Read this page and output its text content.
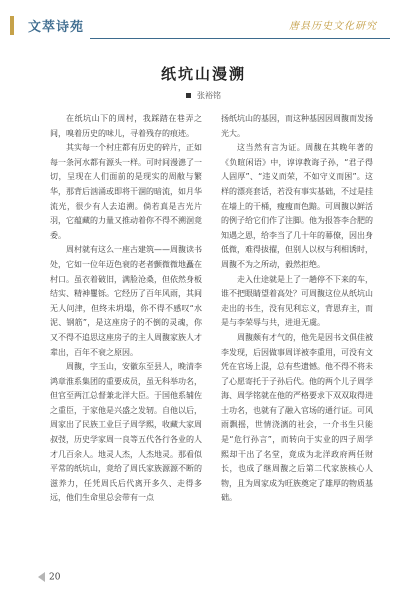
文萃诗苑	唐县历史文化研究
纸坑山漫溯
张裕铭

在纸坑山下的周村，我踩踏在巷弄之间，嗅着历史的味儿，寻着残存的痕迹。

其实每一个村庄都有历史的碎片，正如每一条河水都有源头一样。可时间漫漶了一切，呈现在人们面前的是现实的周敝与繁华，那背后汹涌或即将干涸的暗流，如月华流光，很少有人去追溯。倘若真是吉光片羽，它蕴藏的力量又推动着你不得不溯洄竟委。

周村就有这么一座古建筑——周馥读书处，它如一位年迈色衰的老者颤微微地矗在村口。虽衣着破旧，满脸沧桑，但依然身板结实、精神矍铄。它经历了百年风雨，其间无人问津，但终未坍塌，你不得不感叹“水泥、钢筋”，是这座房子的不倒的灵魂，你又不得不追思这座房子的主人周馥家族人才辈出，百年不衰之原因。

周馥，字玉山，安徽东至县人，晚清李鸿章淮系集团的重要成员，虽无科举功名，但官至两江总督兼北洋大臣。于国他系辅佐之重臣，于家他是兴盛之发轫。自他以后，周家出了民族工业巨子周学熙，收藏大家周叔弢，历史学家周一良等五代各行各业的人才几百余人。地灵人杰，人杰地灵。那看似平常的纸坑山，竟给了周氏家族源源不断的滋养力，任凭周氏后代离开多久、走得多远，他们生命里总会带有一点

扬纸坑山的基因，而这种基因因周馥而发扬光大。

这当然有言为证。周馥在其晚年著的《负暄闲语》中，谆谆教诲子孙，“君子得人固厚”、“违义而荣，不如守义而困”。这样的漂亮套话，若没有事实基础，不过是挂在墙上的干桶，瘦瘦而色黯。可周馥以鲜活的例子给它们作了注脚。他为报答李合肥的知遇之恩，给李当了几十年的幕僚，因出身低微，难得拔擢，但别人以权与利相诱时，周馥不为之所动，毅然拒绝。

走入仕途就是上了一趟停不下来的车，谁不把眼睛望着高处？可周馥这位从纸坑山走出的书生，没有见利忘义，背恩弃主，而是与李荣辱与共，进退无虞。

周馥颇有才气的，他先是因书文俱佳被李发现，后因做事周详被李重用，可没有文凭在官场上混，总有些遗憾。他不得不将未了心愿寄托于子孙后代。他的两个儿子周学海、周学铭就在他的严格要求下双双取得进士功名，也就有了融入官场的通行证。可风雨飘摇，世情浇漓的社会，一介书生只能是“危行孙言”，而转向于实业的四子周学熙却干出了名堂，竟成为北洋政府两任财长，也成了继周馥之后第二代家族核心人物，且为周家成为旺族奠定了雄厚的物质基础。

20
